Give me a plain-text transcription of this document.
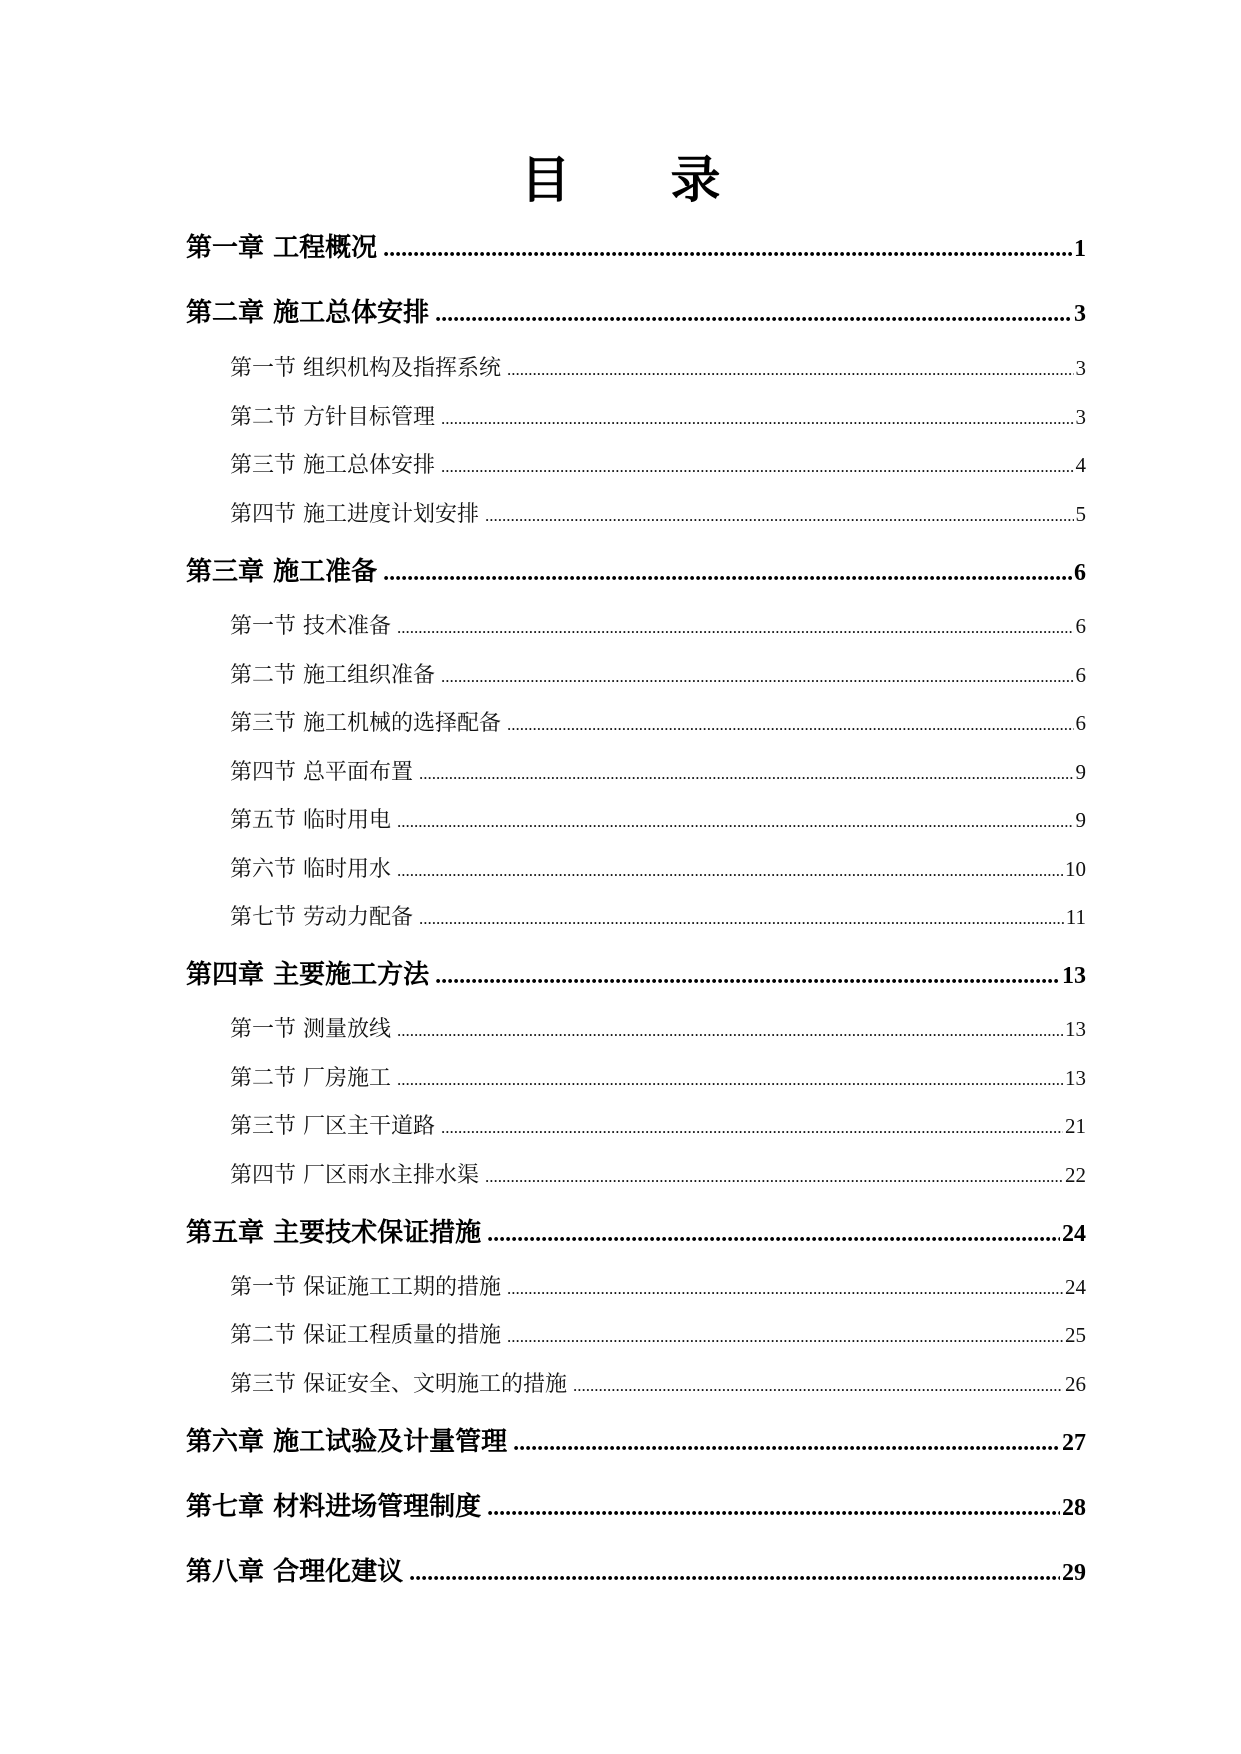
目　　录
第一章 工程概况 .....	1
第二章 施工总体安排 .....	3
第一节 组织机构及指挥系统 .....	3
第二节 方针目标管理 .....	3
第三节 施工总体安排 .....	4
第四节 施工进度计划安排 .....	5
第三章 施工准备 .....	6
第一节 技术准备 .....	6
第二节 施工组织准备 .....	6
第三节 施工机械的选择配备 .....	6
第四节 总平面布置 .....	9
第五节 临时用电 .....	9
第六节 临时用水 .....	10
第七节 劳动力配备 .....	11
第四章 主要施工方法 .....	13
第一节 测量放线 .....	13
第二节 厂房施工 .....	13
第三节 厂区主干道路 .....	21
第四节 厂区雨水主排水渠 .....	22
第五章 主要技术保证措施 .....	24
第一节 保证施工工期的措施 .....	24
第二节 保证工程质量的措施 .....	25
第三节 保证安全、文明施工的措施 .....	26
第六章 施工试验及计量管理 .....	27
第七章 材料进场管理制度 .....	28
第八章 合理化建议 .....	29
